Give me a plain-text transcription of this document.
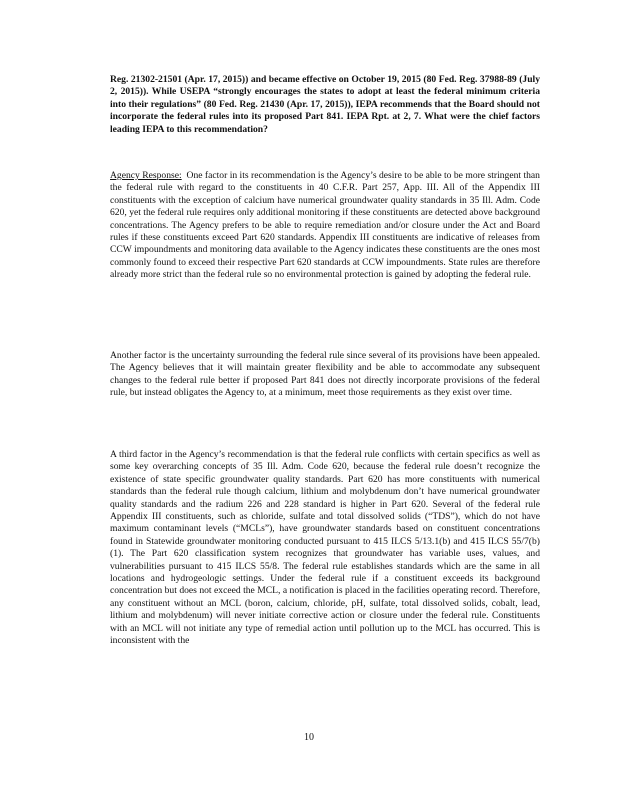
Reg. 21302-21501 (Apr. 17, 2015)) and became effective on October 19, 2015 (80 Fed. Reg. 37988-89 (July 2, 2015)). While USEPA “strongly encourages the states to adopt at least the federal minimum criteria into their regulations” (80 Fed. Reg. 21430 (Apr. 17, 2015)), IEPA recommends that the Board should not incorporate the federal rules into its proposed Part 841. IEPA Rpt. at 2, 7. What were the chief factors leading IEPA to this recommendation?
Agency Response: One factor in its recommendation is the Agency’s desire to be able to be more stringent than the federal rule with regard to the constituents in 40 C.F.R. Part 257, App. III. All of the Appendix III constituents with the exception of calcium have numerical groundwater quality standards in 35 Ill. Adm. Code 620, yet the federal rule requires only additional monitoring if these constituents are detected above background concentrations. The Agency prefers to be able to require remediation and/or closure under the Act and Board rules if these constituents exceed Part 620 standards. Appendix III constituents are indicative of releases from CCW impoundments and monitoring data available to the Agency indicates these constituents are the ones most commonly found to exceed their respective Part 620 standards at CCW impoundments. State rules are therefore already more strict than the federal rule so no environmental protection is gained by adopting the federal rule.
Another factor is the uncertainty surrounding the federal rule since several of its provisions have been appealed. The Agency believes that it will maintain greater flexibility and be able to accommodate any subsequent changes to the federal rule better if proposed Part 841 does not directly incorporate provisions of the federal rule, but instead obligates the Agency to, at a minimum, meet those requirements as they exist over time.
A third factor in the Agency’s recommendation is that the federal rule conflicts with certain specifics as well as some key overarching concepts of 35 Ill. Adm. Code 620, because the federal rule doesn’t recognize the existence of state specific groundwater quality standards. Part 620 has more constituents with numerical standards than the federal rule though calcium, lithium and molybdenum don’t have numerical groundwater quality standards and the radium 226 and 228 standard is higher in Part 620. Several of the federal rule Appendix III constituents, such as chloride, sulfate and total dissolved solids (“TDS”), which do not have maximum contaminant levels (“MCLs”), have groundwater standards based on constituent concentrations found in Statewide groundwater monitoring conducted pursuant to 415 ILCS 5/13.1(b) and 415 ILCS 55/7(b)(1). The Part 620 classification system recognizes that groundwater has variable uses, values, and vulnerabilities pursuant to 415 ILCS 55/8. The federal rule establishes standards which are the same in all locations and hydrogeologic settings. Under the federal rule if a constituent exceeds its background concentration but does not exceed the MCL, a notification is placed in the facilities operating record. Therefore, any constituent without an MCL (boron, calcium, chloride, pH, sulfate, total dissolved solids, cobalt, lead, lithium and molybdenum) will never initiate corrective action or closure under the federal rule. Constituents with an MCL will not initiate any type of remedial action until pollution up to the MCL has occurred. This is inconsistent with the
10
